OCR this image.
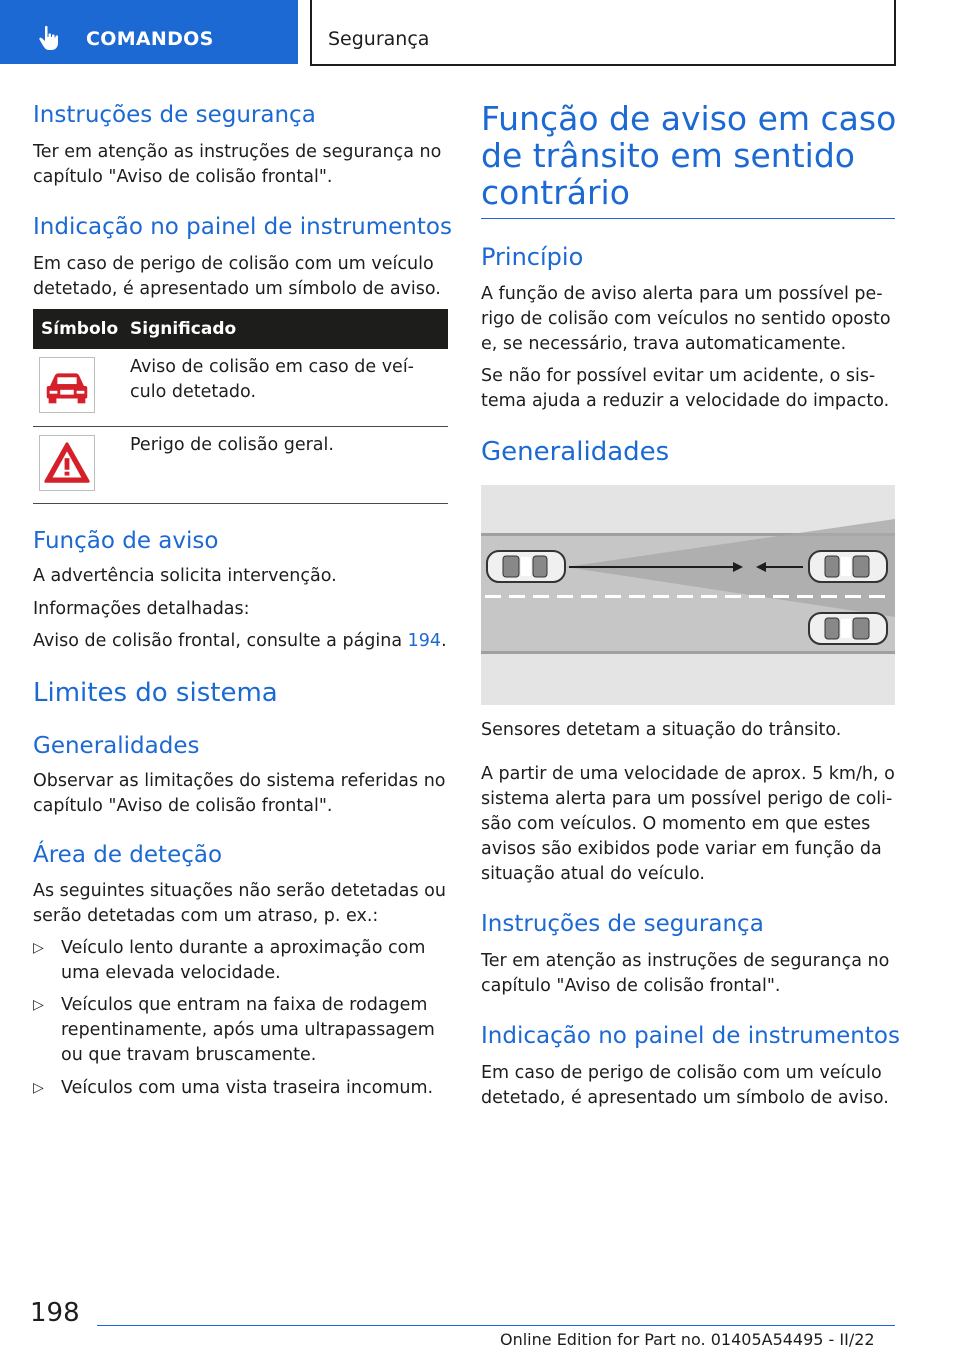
COMANDOS	Segurança
Instruções de segurança

Ter em atenção as instruções de segurança no capítulo "Aviso de colisão frontal".

Indicação no painel de instrumentos

Em caso de perigo de colisão com um veículo detetado, é apresentado um símbolo de aviso.

Símbolo Significado
Aviso de colisão em caso de veí-culo detetado.
Perigo de colisão geral.
Função de aviso

A advertência solicita intervenção.

Informações detalhadas:

Aviso de colisão frontal, consulte a página 194.

Limites do sistema
Generalidades

Observar as limitações do sistema referidas no capítulo "Aviso de colisão frontal".

Área de deteção

As seguintes situações não serão detetadas ou serão detetadas com um atraso, p. ex.:

▷ Veículo lento durante a aproximação com uma elevada velocidade.
▷ Veículos que entram na faixa de rodagem repentinamente, após uma ultrapassagem ou que travam bruscamente.
▷ Veículos com uma vista traseira incomum.
Função de aviso em caso de trânsito em sentido contrário
Princípio

A função de aviso alerta para um possível pe-rigo de colisão com veículos no sentido oposto e, se necessário, trava automaticamente.

Se não for possível evitar um acidente, o sis-tema ajuda a reduzir a velocidade do impacto.

Generalidades

Sensores detetam a situação do trânsito.

A partir de uma velocidade de aprox. 5 km/h, o sistema alerta para um possível perigo de coli-são com veículos. O momento em que estes avisos são exibidos pode variar em função da situação atual do veículo.

Instruções de segurança

Ter em atenção as instruções de segurança no capítulo "Aviso de colisão frontal".

Indicação no painel de instrumentos

Em caso de perigo de colisão com um veículo detetado, é apresentado um símbolo de aviso.

198
Online Edition for Part no. 01405A54495 - II/22
